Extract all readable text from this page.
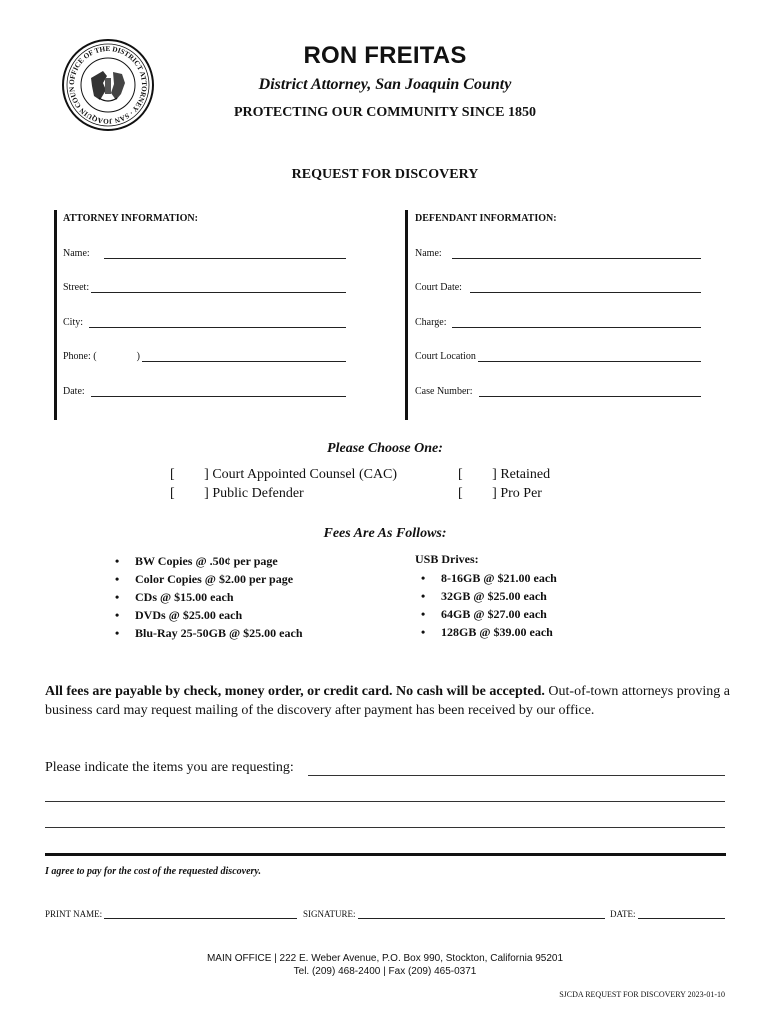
OFFICE OF THE DISTRICT ATTORNEY · SAN JOAQUIN COUN
RON FREITAS
District Attorney, San Joaquin County
PROTECTING OUR COMMUNITY SINCE 1850
REQUEST FOR DISCOVERY
ATTORNEY INFORMATION:
Name:
Street:
City:
Phone: (	)
Date:
DEFENDANT INFORMATION:
Name:
Court Date:
Charge:
Court Location
Case Number:
Please Choose One:
[ ] Court Appointed Counsel (CAC)
[ ] Public Defender
[ ] Retained
[ ] Pro Per
Fees Are As Follows:
• BW Copies @ .50¢ per page
• Color Copies @ $2.00 per page
• CDs @ $15.00 each
• DVDs @ $25.00 each
• Blu-Ray 25-50GB @ $25.00 each
USB Drives:
• 8-16GB @ $21.00 each
• 32GB @ $25.00 each
• 64GB @ $27.00 each
• 128GB @ $39.00 each
All fees are payable by check, money order, or credit card. No cash will be accepted. Out-of-town attorneys proving a business card may request mailing of the discovery after payment has been received by our office.
Please indicate the items you are requesting:
I agree to pay for the cost of the requested discovery.
PRINT NAME:	SIGNATURE:	DATE:
MAIN OFFICE | 222 E. Weber Avenue, P.O. Box 990, Stockton, California 95201
Tel. (209) 468-2400 | Fax (209) 465-0371
SJCDA REQUEST FOR DISCOVERY 2023-01-10
